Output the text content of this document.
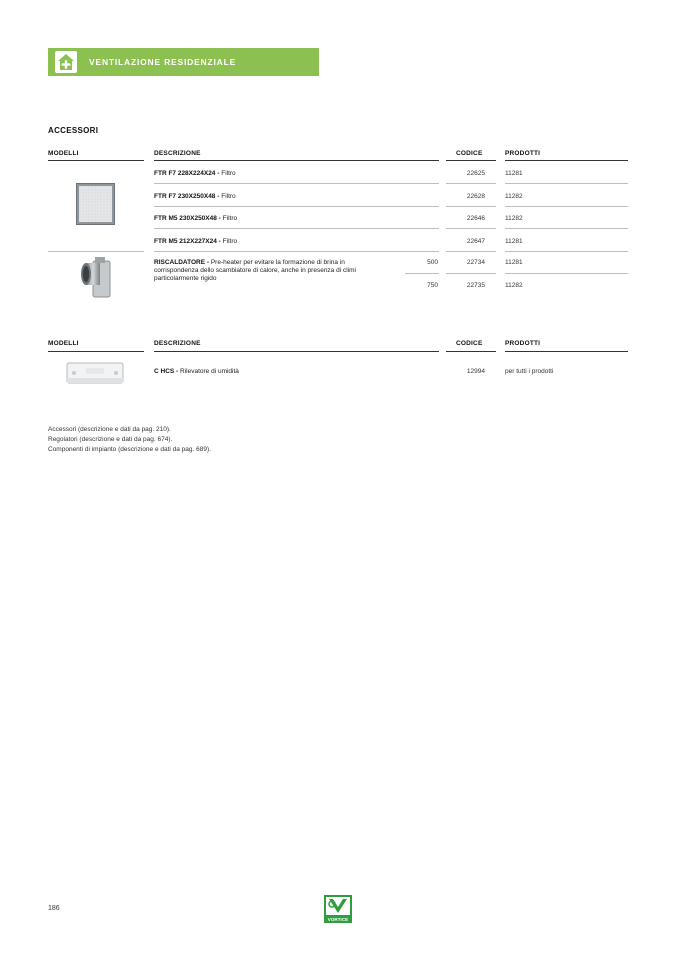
VENTILAZIONE RESIDENZIALE
ACCESSORI
MODELLI	DESCRIZIONE	CODICE	PRODOTTI
FTR F7 228X224X24 - Filtro	22625	11281
FTR F7 230X250X48 - Filtro	22628	11282
FTR M5 230X250X48 - Filtro	22646	11282
FTR M5 212X227X24 - Filtro	22647	11281
RISCALDATORE - Pre-heater per evitare la formazione di brina in corrispondenza dello scambiatore di calore, anche in presenza di climi particolarmente rigido
500	22734	11281
750	22735	11282
MODELLI	DESCRIZIONE	CODICE	PRODOTTI
C HCS - Rilevatore di umidità	12994	per tutti i prodotti
Accessori (descrizione e dati da pag. 210).
Regolatori (descrizione e dati da pag. 674).
Componenti di impianto (descrizione e dati da pag. 689).
186
VORTICE
